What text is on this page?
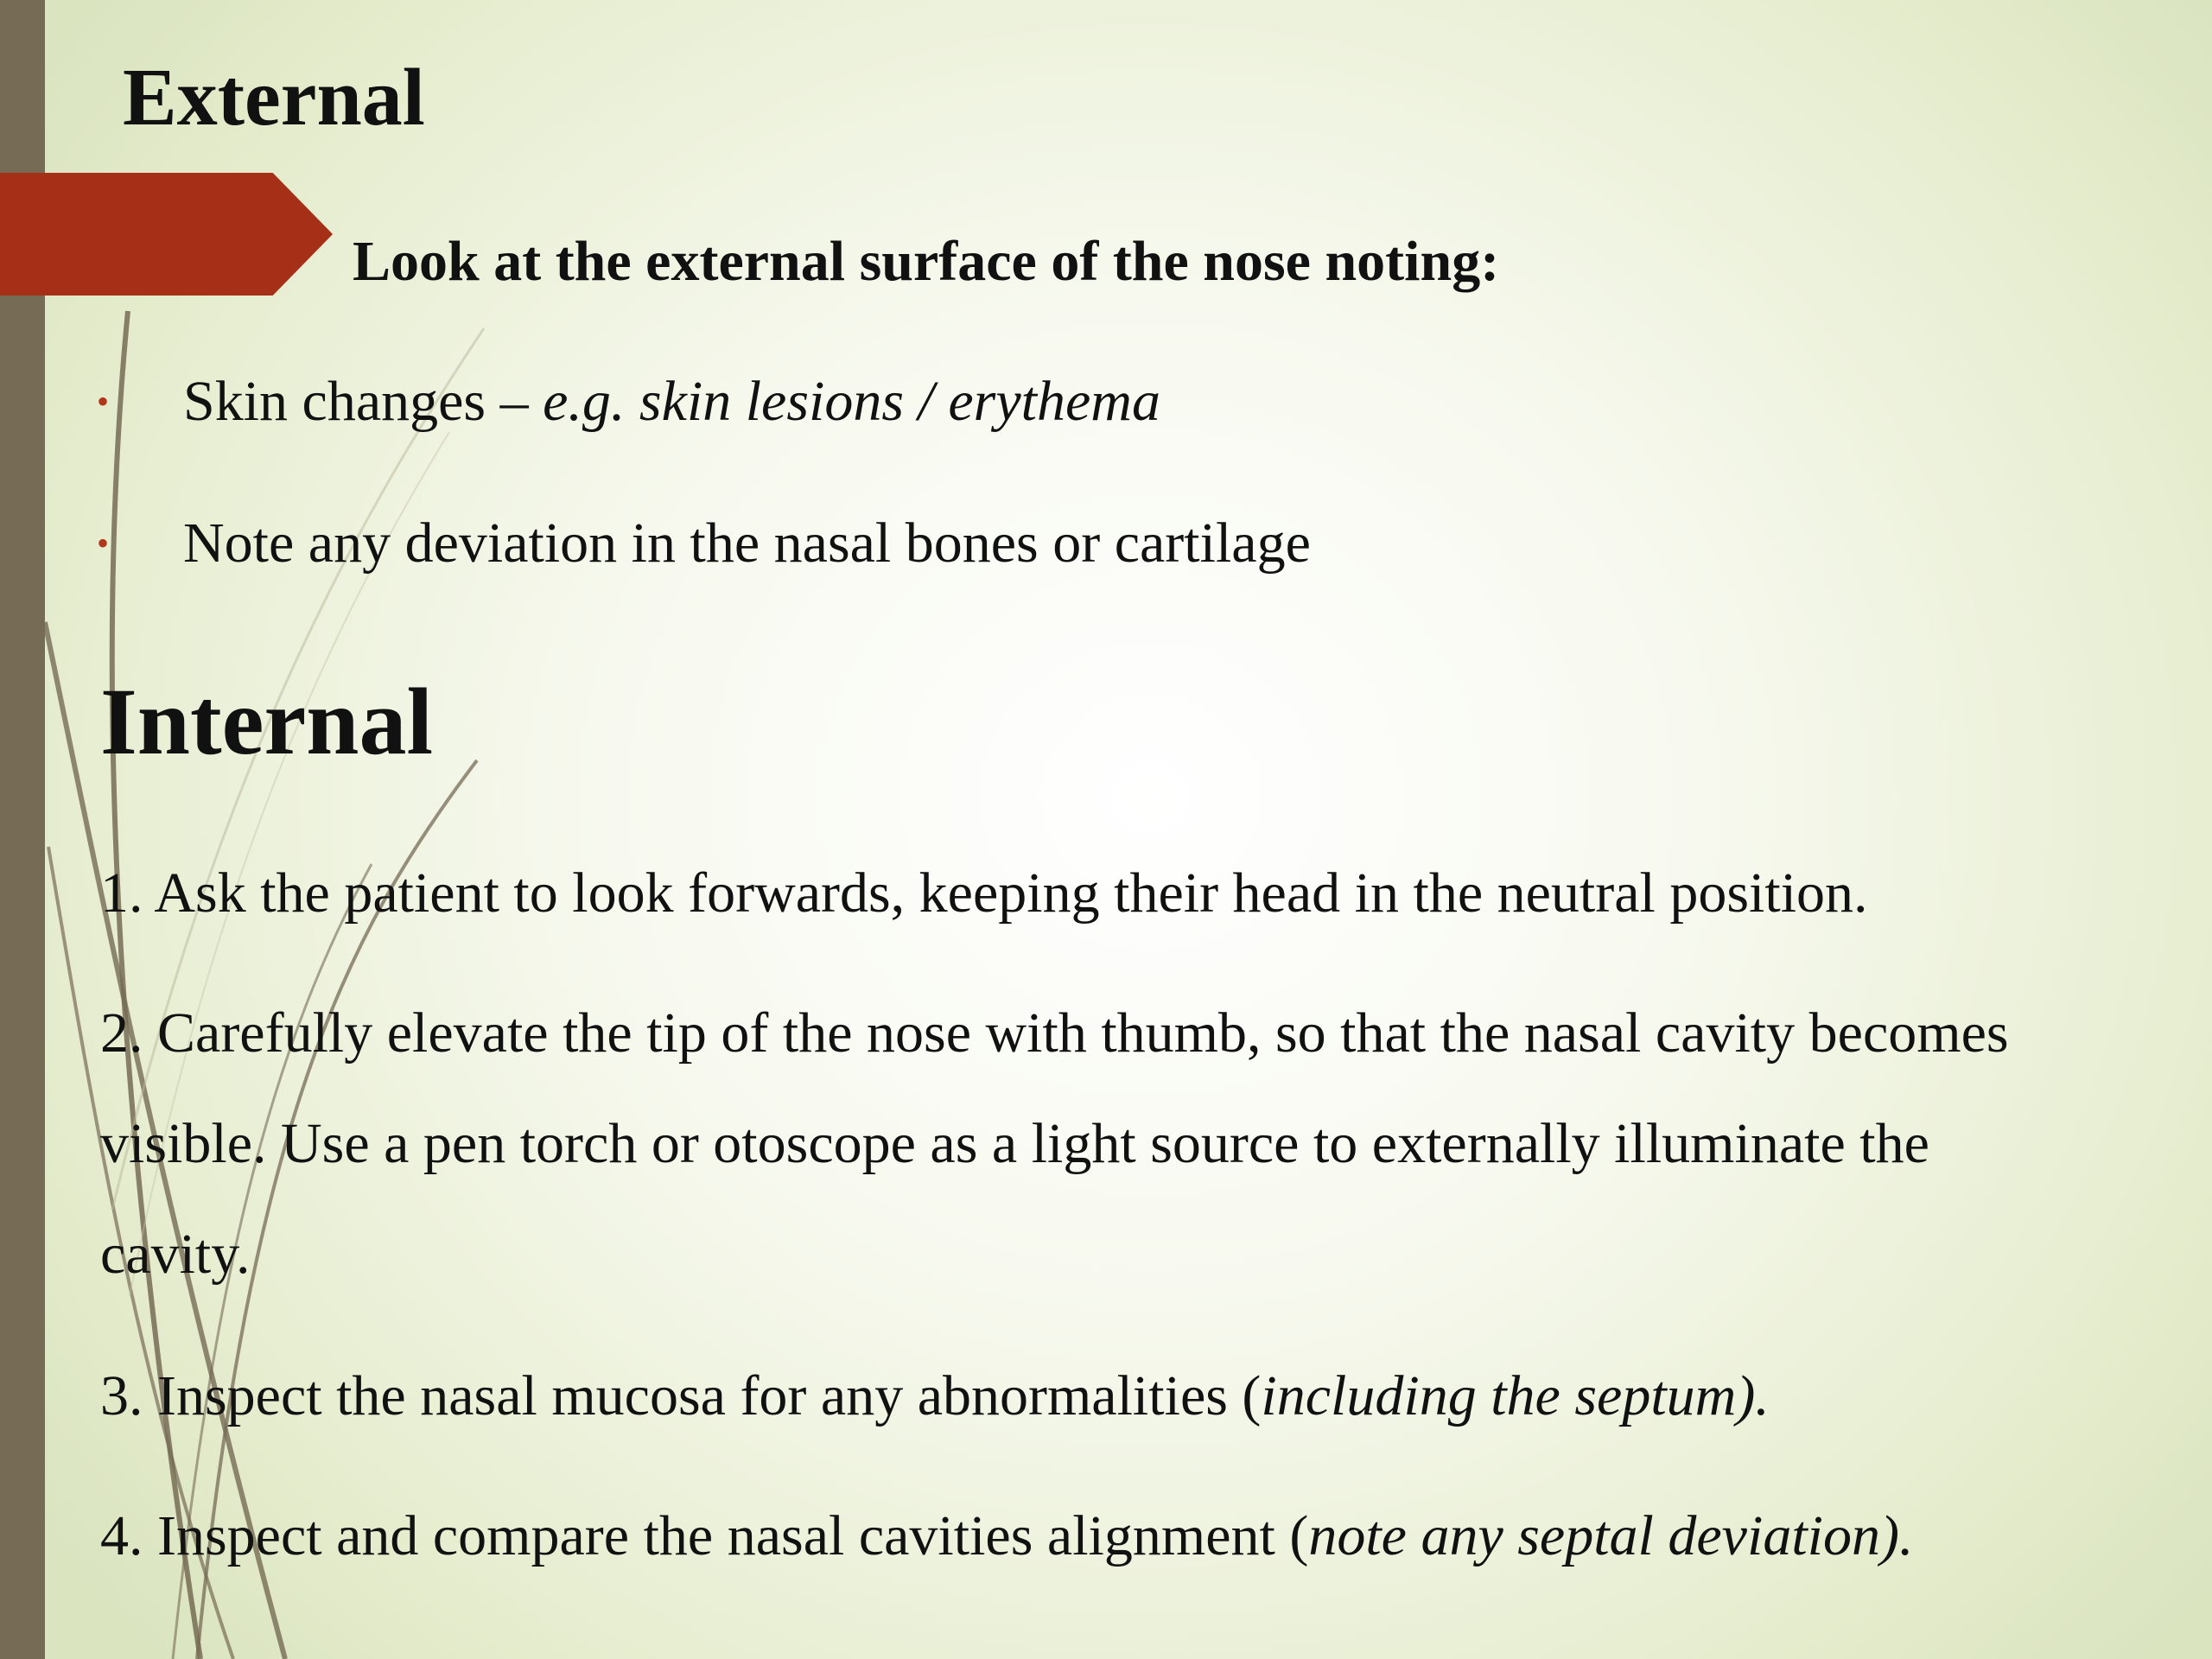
External
Look at the external surface of the nose noting:
• Skin changes – e.g. skin lesions / erythema
• Note any deviation in the nasal bones or cartilage
Internal
1. Ask the patient to look forwards, keeping their head in the neutral position.
2. Carefully elevate the tip of the nose with thumb, so that the nasal cavity becomes
visible. Use a pen torch or otoscope as a light source to externally illuminate the
cavity.
3. Inspect the nasal mucosa for any abnormalities (including the septum).
4. Inspect and compare the nasal cavities alignment (note any septal deviation).
